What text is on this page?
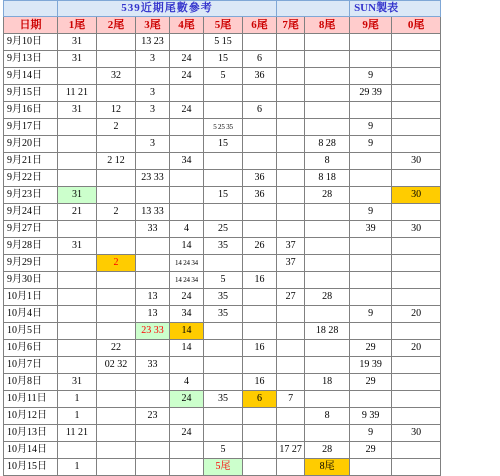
	539近期尾數參考								SUN製表	
日期	1尾	2尾	3尾	4尾	5尾	6尾	7尾	8尾	9尾	0尾
9月10日	31		13 23		5 15					
9月13日	31		3	24	15	6				
9月14日		32		24	5	36			9	
9月15日	11 21		3						29 39	
9月16日	31	12	3	24		6				
9月17日		2			5 25 35				9	
9月20日			3		15			8 28	9	
9月21日		2 12		34				8		30
9月22日			23 33			36		8 18		
9月23日	31				15	36		28		30
9月24日	21	2	13 33						9	
9月27日			33	4	25				39	30
9月28日	31			14	35	26	37			
9月29日		2		14 24 34			37			
9月30日				14 24 34	5	16				
10月1日			13	24	35		27	28		
10月4日			13	34	35				9	20
10月5日			23 33	14				18 28		
10月6日		22		14		16			29	20
10月7日		02 32	33						19 39	
10月8日	31			4		16		18	29	
10月11日	1			24	35	6	7			
10月12日	1		23					8	9 39	
10月13日	11 21			24					9	30
10月14日					5		17 27	28	29	
10月15日	1				5尾			8尾		
